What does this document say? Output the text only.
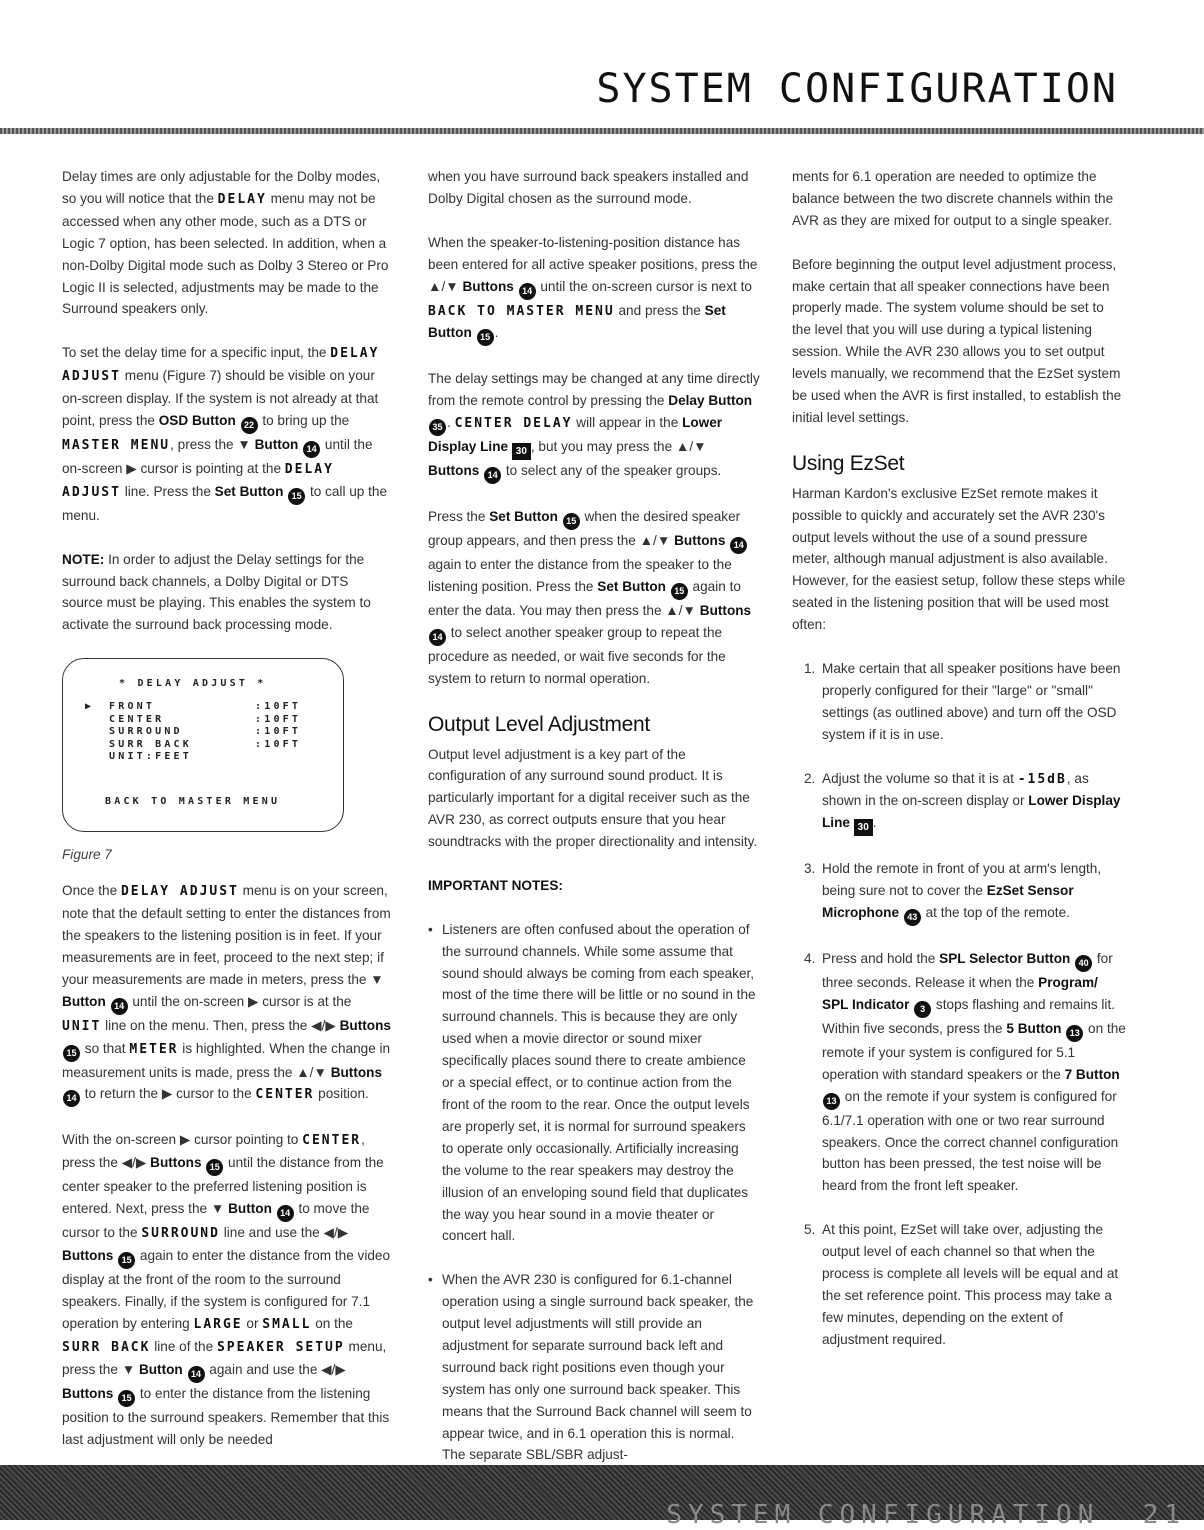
SYSTEM CONFIGURATION

Delay times are only adjustable for the Dolby modes, so you will notice that the DELAY menu may not be accessed when any other mode, such as a DTS or Logic 7 option, has been selected. In addition, when a non-Dolby Digital mode such as Dolby 3 Stereo or Pro Logic II is selected, adjustments may be made to the Surround speakers only.

To set the delay time for a specific input, the DELAY ADJUST menu (Figure 7) should be visible on your on-screen display. If the system is not already at that point, press the OSD Button 22 to bring up the MASTER MENU, press the ▼ Button 14 until the on-screen ▶ cursor is pointing at the DELAY ADJUST line. Press the Set Button 15 to call up the menu.

NOTE: In order to adjust the Delay settings for the surround back channels, a Dolby Digital or DTS source must be playing. This enables the system to activate the surround back processing mode.

* DELAY ADJUST *
▶ FRONT	:10FT
CENTER	:10FT
SURROUND	:10FT
SURR BACK	:10FT
UNIT:FEET
BACK TO MASTER MENU

Figure 7

Once the DELAY ADJUST menu is on your screen, note that the default setting to enter the distances from the speakers to the listening position is in feet. If your measurements are in feet, proceed to the next step; if your measurements are made in meters, press the ▼ Button 14 until the on-screen ▶ cursor is at the UNIT line on the menu. Then, press the ◀/▶ Buttons 15 so that METER is highlighted. When the change in measurement units is made, press the ▲/▼ Buttons 14 to return the ▶ cursor to the CENTER position.

With the on-screen ▶ cursor pointing to CENTER, press the ◀/▶ Buttons 15 until the distance from the center speaker to the preferred listening position is entered. Next, press the ▼ Button 14 to move the cursor to the SURROUND line and use the ◀/▶ Buttons 15 again to enter the distance from the video display at the front of the room to the surround speakers. Finally, if the system is configured for 7.1 operation by entering LARGE or SMALL on the SURR BACK line of the SPEAKER SETUP menu, press the ▼ Button 14 again and use the ◀/▶ Buttons 15 to enter the distance from the listening position to the surround speakers. Remember that this last adjustment will only be needed

when you have surround back speakers installed and Dolby Digital chosen as the surround mode.

When the speaker-to-listening-position distance has been entered for all active speaker positions, press the ▲/▼ Buttons 14 until the on-screen cursor is next to BACK TO MASTER MENU and press the Set Button 15 .

The delay settings may be changed at any time directly from the remote control by pressing the Delay Button 35 . CENTER DELAY will appear in the Lower Display Line 30 , but you may press the ▲/▼ Buttons 14 to select any of the speaker groups.

Press the Set Button 15 when the desired speaker group appears, and then press the ▲/▼ Buttons 14 again to enter the distance from the speaker to the listening position. Press the Set Button 15 again to enter the data. You may then press the ▲/▼ Buttons 14 to select another speaker group to repeat the procedure as needed, or wait five seconds for the system to return to normal operation.

Output Level Adjustment

Output level adjustment is a key part of the configuration of any surround sound product. It is particularly important for a digital receiver such as the AVR 230, as correct outputs ensure that you hear soundtracks with the proper directionality and intensity.

IMPORTANT NOTES:

• Listeners are often confused about the operation of the surround channels. While some assume that sound should always be coming from each speaker, most of the time there will be little or no sound in the surround channels. This is because they are only used when a movie director or sound mixer specifically places sound there to create ambience or a special effect, or to continue action from the front of the room to the rear. Once the output levels are properly set, it is normal for surround speakers to operate only occasionally. Artificially increasing the volume to the rear speakers may destroy the illusion of an enveloping sound field that duplicates the way you hear sound in a movie theater or concert hall.
• When the AVR 230 is configured for 6.1-channel operation using a single surround back speaker, the output level adjustments will still provide an adjustment for separate surround back left and surround back right positions even though your system has only one surround back speaker. This means that the Surround Back channel will seem to appear twice, and in 6.1 operation this is normal. The separate SBL/SBR adjust-

ments for 6.1 operation are needed to optimize the balance between the two discrete channels within the AVR as they are mixed for output to a single speaker.

Before beginning the output level adjustment process, make certain that all speaker connections have been properly made. The system volume should be set to the level that you will use during a typical listening session. While the AVR 230 allows you to set output levels manually, we recommend that the EzSet system be used when the AVR is first installed, to establish the initial level settings.

Using EzSet

Harman Kardon's exclusive EzSet remote makes it possible to quickly and accurately set the AVR 230's output levels without the use of a sound pressure meter, although manual adjustment is also available. However, for the easiest setup, follow these steps while seated in the listening position that will be used most often:

1. Make certain that all speaker positions have been properly configured for their "large" or "small" settings (as outlined above) and turn off the OSD system if it is in use.
2. Adjust the volume so that it is at -15dB, as shown in the on-screen display or Lower Display Line 30 .
3. Hold the remote in front of you at arm's length, being sure not to cover the EzSet Sensor Microphone 43 at the top of the remote.
4. Press and hold the SPL Selector Button 40 for three seconds. Release it when the Program/ SPL Indicator 3 stops flashing and remains lit. Within five seconds, press the 5 Button 13 on the remote if your system is configured for 5.1 operation with standard speakers or the 7 Button 13 on the remote if your system is configured for 6.1/7.1 operation with one or two rear surround speakers. Once the correct channel configuration button has been pressed, the test noise will be heard from the front left speaker.
5. At this point, EzSet will take over, adjusting the output level of each channel so that when the process is complete all levels will be equal and at the set reference point. This process may take a few minutes, depending on the extent of adjustment required.
SYSTEM CONFIGURATION 21
